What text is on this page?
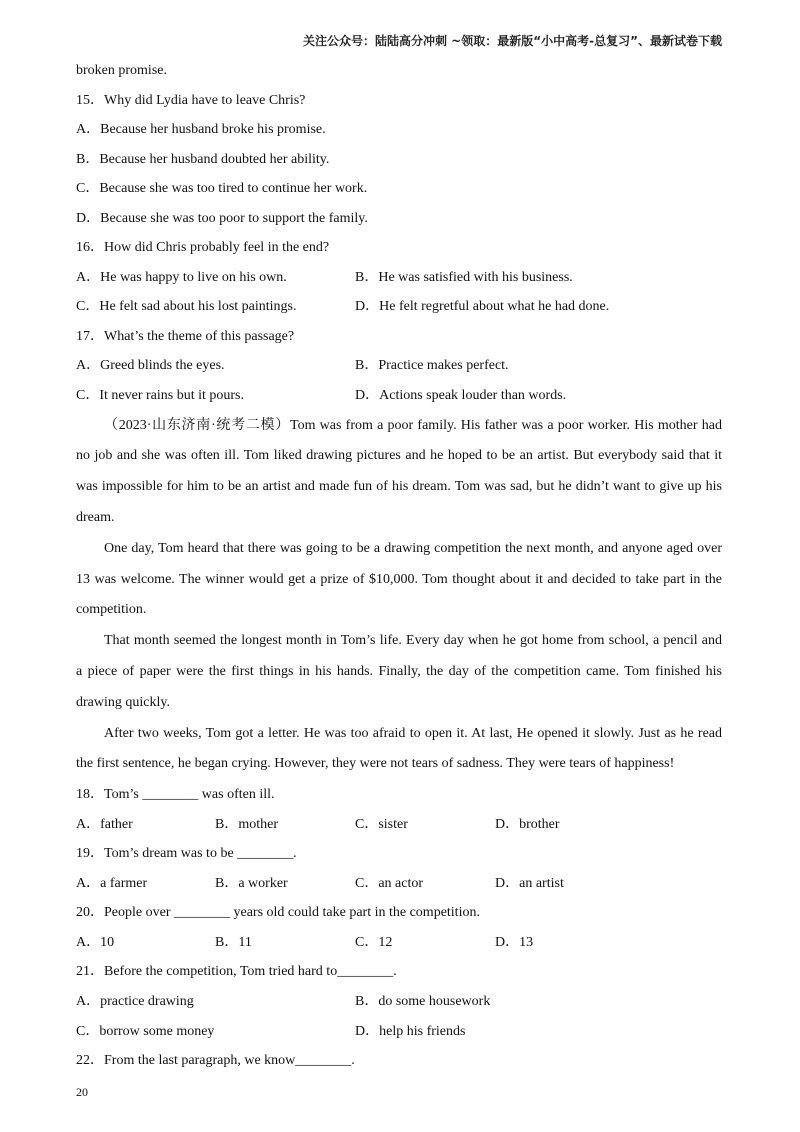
关注公众号：陆陆高分冲刺 ~领取：最新版“小中高考-总复习”、最新试卷下载
broken promise.
15．Why did Lydia have to leave Chris?
A．Because her husband broke his promise.
B．Because her husband doubted her ability.
C．Because she was too tired to continue her work.
D．Because she was too poor to support the family.
16．How did Chris probably feel in the end?
A．He was happy to live on his own.	B．He was satisfied with his business.
C．He felt sad about his lost paintings.	D．He felt regretful about what he had done.
17．What’s the theme of this passage?
A．Greed blinds the eyes.	B．Practice makes perfect.
C．It never rains but it pours.	D．Actions speak louder than words.
（2023·山东济南·统考二模）Tom was from a poor family. His father was a poor worker. His mother had
no job and she was often ill. Tom liked drawing pictures and he hoped to be an artist. But everybody said that it
was impossible for him to be an artist and made fun of his dream. Tom was sad, but he didn’t want to give up his
dream.
One day, Tom heard that there was going to be a drawing competition the next month, and anyone aged over
13 was welcome. The winner would get a prize of $10,000. Tom thought about it and decided to take part in the
competition.
That month seemed the longest month in Tom’s life. Every day when he got home from school, a pencil and
a piece of paper were the first things in his hands. Finally, the day of the competition came. Tom finished his
drawing quickly.
After two weeks, Tom got a letter. He was too afraid to open it. At last, He opened it slowly. Just as he read
the first sentence, he began crying. However, they were not tears of sadness. They were tears of happiness!
18．Tom’s ________ was often ill.
A．father	B．mother	C．sister	D．brother
19．Tom’s dream was to be ________.
A．a farmer	B．a worker	C．an actor	D．an artist
20．People over ________ years old could take part in the competition.
A．10	B．11	C．12	D．13
21．Before the competition, Tom tried hard to________.
A．practice drawing	B．do some housework
C．borrow some money	D．help his friends
22．From the last paragraph, we know________.
20
